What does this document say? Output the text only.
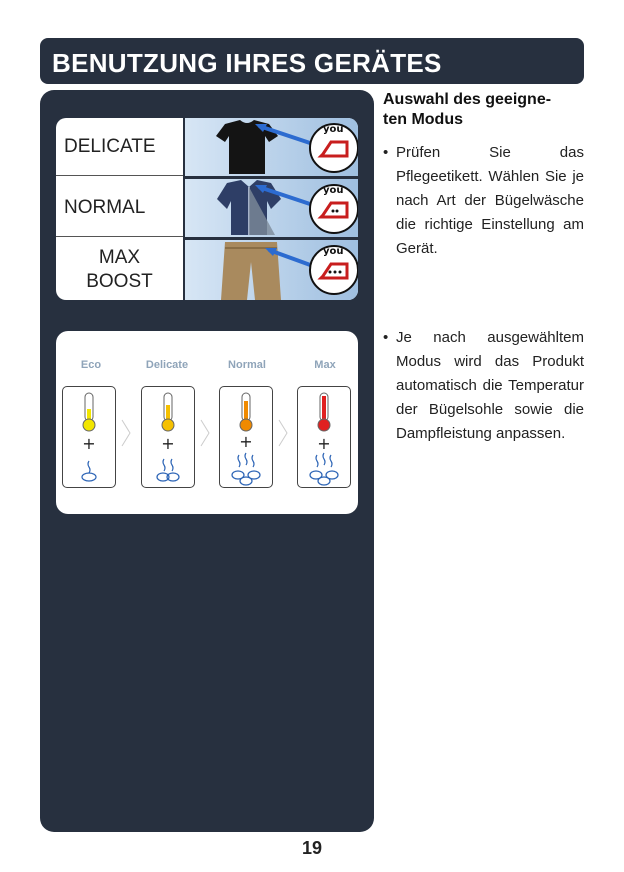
BENUTZUNG IHRES GERÄTES
DELICATE
you
NORMAL
you
MAX
BOOST
you
Eco	Delicate	Normal	Max
+	+	+	+

Auswahl des geeigne-
ten Modus

• Prüfen Sie das Pflegeetikett. Wählen Sie je nach Art der Bügelwäsche die richtige Einstellung am Gerät.
• Je nach ausgewähltem Modus wird das Produkt automatisch die Temperatur der Bügelsohle sowie die Dampfleistung anpassen.
19
